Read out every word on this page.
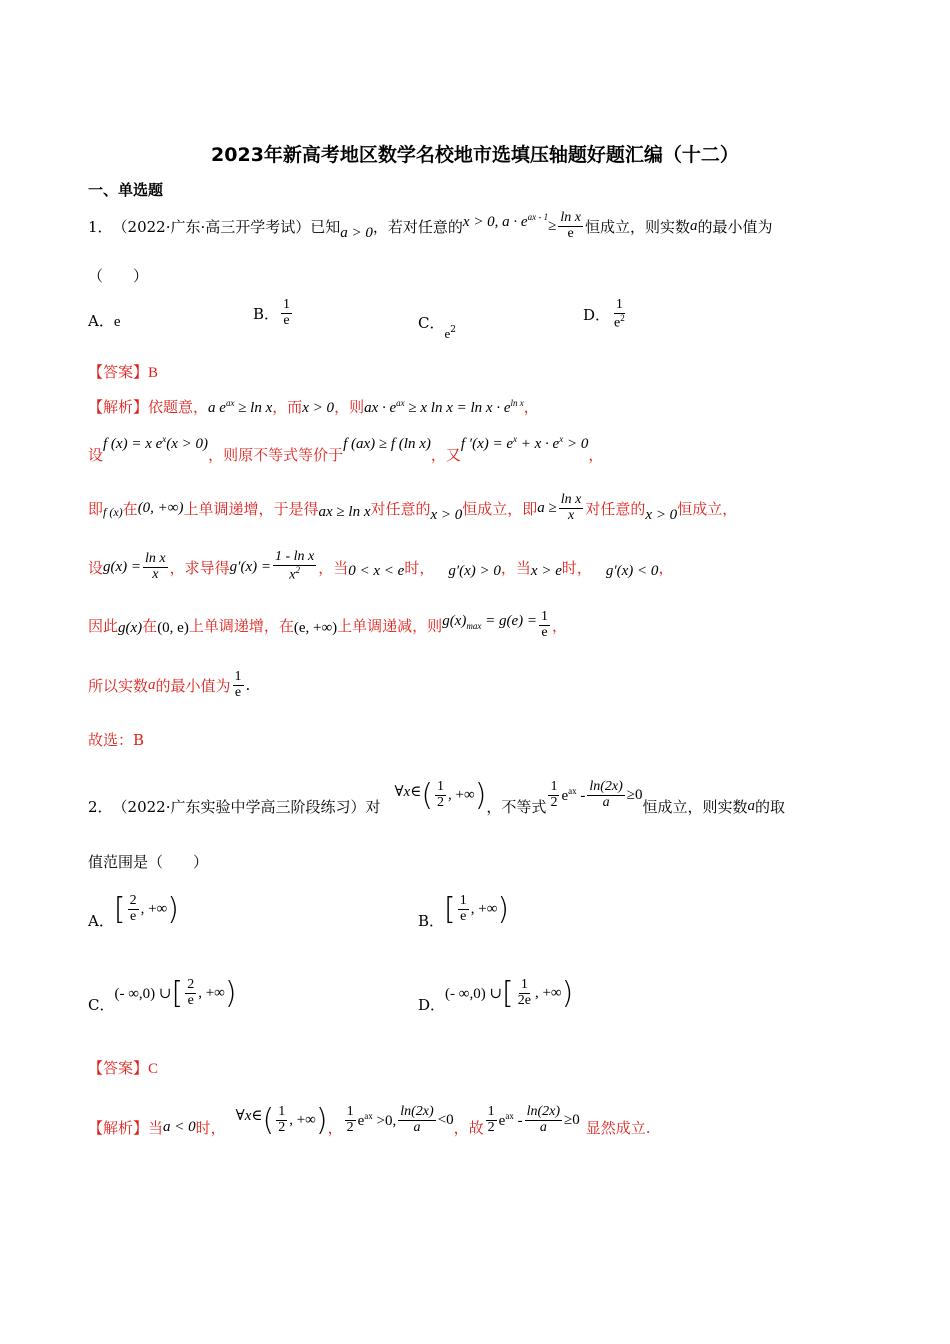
2023年新高考地区数学名校地市选填压轴题好题汇编（十二）
一、单选题
1． （2022·广东·高三开学考试）已知 a > 0 ，若对任意的 x > 0, $a \cdot e^{ax - 1}$
≥ $\frac{\text{ln x}}{e}$ 恒成立，则实数 a 的最小值为
（　　）
A．e	B． $\frac{1}{e}$	C．$e^2$
D． $\frac{1}{e^2}$
【答案】B
【解析】依题意，a $e^{ax} \ge \ln x$，而x > 0，则ax · $e^{ax} \ge x$ $\ln x = \ln x \cdot e^{ln x}$，
设f (x) = x $e^x(x > 0)$，则原不等式等价于f (ax) ≥ f (ln x)，又f $'(x) = e^x + x \cdot e^x > 0$，
即 f (x) 在 (0, +∞) 上单调递增，于是得 ax ≥ ln x 对任意的 x > 0 恒成立，即 $a \ge \frac{\text{ln x}}{x}$ 对任意的 x > 0 恒成立，
设 $g(x) = \frac{\text{ln x}}{x}$ ，求导得 $g'(x) = \frac{\text{1 - ln x}}{x^2}$ ，当 0 < x < e 时， g′(x) > 0 ，当 x > e 时， g′(x) < 0 ，
因此 g(x) 在 (0, e) 上单调递增，在 (e, +∞) 上单调递减，则 $g(x)_{max} = g(e) = \frac{1}{e}$ ，
所以实数 a 的最小值为 $\frac{1}{e}$ .
故选：B
2． （2022·广东实验中学高三阶段练习）对
∀x∈ ( $\frac{1}{2}$ , +∞ ) ，不等式 $\frac{1}{2} e^{ax} - \frac{\ln(2x)}{a} \ge 0$
恒成立，则实数 a 的取
值范围是（　　）
A． [ $\frac{2}{e}$ , +∞ )	B． [ $\frac{1}{e}$ , +∞ )
C．
(- ∞,0) ∪ [ $\frac{2}{e}$ , +∞ )	D．
(- ∞,0) ∪ [ $\frac{1}{2e}$ , +∞ )
【答案】C
【解析】 当 a < 0 时，
∀x∈ ( $\frac{1}{2}$ , +∞ ) ， $\frac{1}{2} e^{ax} >0$, $\frac{\ln(2x)}{a} <0$ ，故 $\frac{1}{2} e^{ax} - \frac{\ln(2x)}{a} \ge 0$ 显然成立.
